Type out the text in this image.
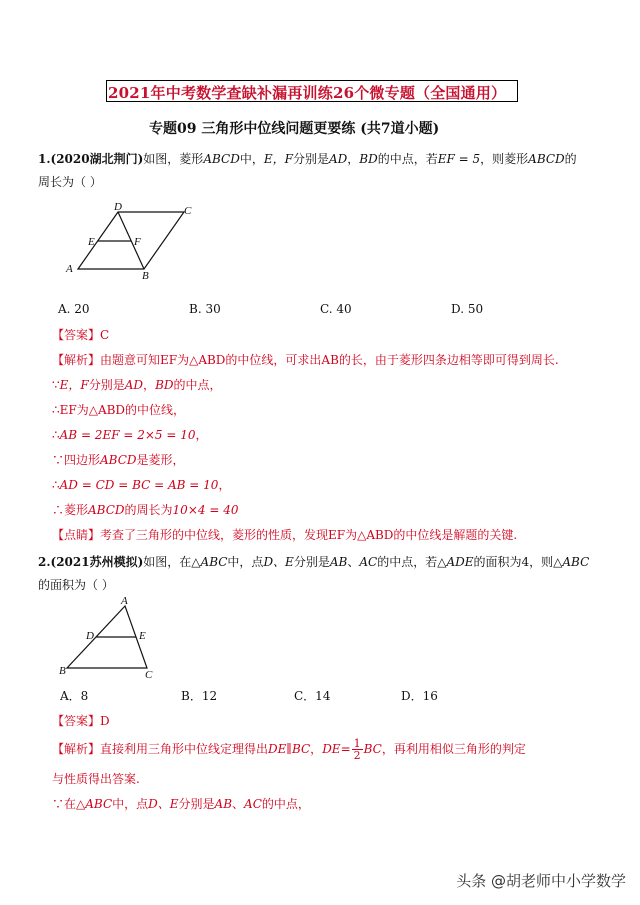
2021年中考数学查缺补漏再训练26个微专题（全国通用）
专题09 三角形中位线问题更要练 (共7道小题)
1.(2020湖北荆门)如图，菱形ABCD中，E，F分别是AD，BD的中点，若EF = 5，则菱形ABCD的
周长为（ ）
D	C
E	F
A
B
A. 20	B. 30	C. 40	D. 50
【答案】C
【解析】由题意可知EF为△ABD的中位线，可求出AB的长，由于菱形四条边相等即可得到周长.
∵E，F分别是AD，BD的中点，
∴EF为△ABD的中位线，
∴AB = 2EF = 2×5 = 10，
∵四边形ABCD是菱形，
∴AD = CD = BC = AB = 10，
∴菱形ABCD的周长为10×4 = 40
【点睛】考查了三角形的中位线，菱形的性质，发现EF为△ABD的中位线是解题的关键.
2.(2021苏州模拟)如图，在△ABC中，点D、E分别是AB、AC的中点，若△ADE的面积为4，则△ABC
的面积为（ ）
A
D	E
B	C
A．8	B．12	C．14	D．16
【答案】D
【解析】直接利用三角形中位线定理得出DE∥BC，$DE= \frac{1}{2}BC$，再利用相似三角形的判定
与性质得出答案.
∵在△ABC中，点D、E分别是AB、AC的中点，
头条 @胡老师中小学数学
